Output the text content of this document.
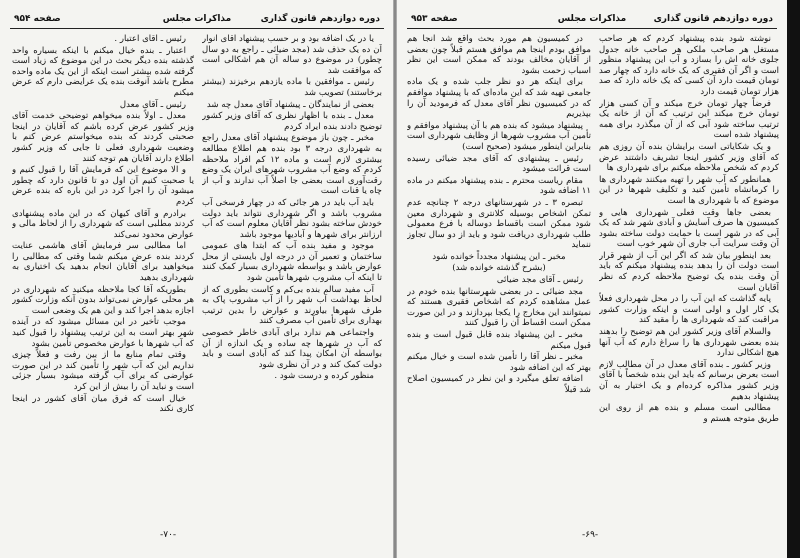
دوره دوازدهم قانون گذاری
مذاکرات مجلس
صفحه ۹۵۴

یا در یک اضافه بود و بر حسب پیشنهاد آقای انوار آن ده یک حذف شد (مجد ضیائی ـ راجع به دو سال چطور) در موضوع دو ساله آن هم اشکالی است که موافقت شد

رئیس ـ موافقین با ماده یازدهم برخیزند (بیشتر برخاستند) تصویب شد

بعضی از نمایندگان ـ پیشنهاد آقای معدل چه شد

معدل ـ بنده با اظهار نظری که آقای وزیر کشور توضیح دادند بنده ایراد کردم

مخبر ـ چون باز موضوع پیشنهاد آقای معدل راجع به شهرداری درجه ۳ بود بنده هم اطلاع مطالعه بیشتری لازم است و ماده ۱۲ کم افراد ملاحظه کردم که وضع آب مشروب شهرهای ایران یک وضع رقت‌آوری است بعضی جا اصلاً آب ندارند و آب از چاه یا قنات است

باید آب باید در هر جائی که در چهار فرسخی آب مشروب باشد و اگر شهرداری نتواند باید دولت خودش ساخته بشود نظر آقایان معلوم است که آب ارزانتر برای شهرها و آبادیها موجود باشد

موجود و مفید بنده آب که ابتدا های عمومی ساختمان و تعمیر آن در درجه اول بایستی از محل عوارض باشد و بواسطه شهرداری بسیار کمک کنند تا اینکه آب مشروب شهرها تأمین شود

آب مفید سالم بنده بی‌کم و کاست بطوری که از لحاظ بهداشت آب شهر را از آب مشروب پاک به طرف شهرها بیاورند و عوارض را بدین ترتیب بهداری برای تأمین آب مصرف کنند

واجتماعی هم ندارد برای آبادی خاطر خصوصی که آب در شهرها چه ساده و یک اندازه از آن بواسطه آن امکان پیدا کند که آبادی است و باید دولت کمک کند و در آن نظری شود

منظور کرده و درست شود .

رئیس ـ آقای اعتبار .

اعتبار ـ بنده خیال میکنم با اینکه بسیاره واحد گذشته بنده دیگر بحث در این موضوع که زیاد است گرفته شده بیشتر است اینکه از این یک ماده واحده مطرح باشد آنوقت بنده یک عرایضی دارم که عرض میکنم

رئیس ـ آقای معدل

معدل ـ اولاً بنده میخواهم توضیحی خدمت آقای وزیر کشور عرض کرده باشم که آقایان در اینجا صحبتی کردند که بنده میخواستم عرض کنم با وضعیت شهرداری فعلی تا جایی که وزیر کشور اطلاع دارند آقایان هم توجه کنند

و الا موضوع این که فرمایش آقا را قبول کنیم و یا صحبت کنیم آن اول دو تا قانون دارد که چطور میشود آن را اجرا کرد در این باره که بنده عرض کردم

برادرم و آقای کیهان که در این ماده پیشنهادی کردند مطلبی است که شهرداری را از لحاظ مالی و عوارض محدود نمی‌کند

اما مطالبی سر فرمایش آقای هاشمی عنایت کردند بنده عرض میکنم شما وقتی که مطالبی را میخواهید برای آقایان انجام بدهید یک اختیاری به شهرداری بدهید

بطوریکه آقا کجا ملاحظه میکنید که شهرداری در هر محلی عوارض نمی‌تواند بدون آنکه وزارت کشور اجازه بدهد اجرا کند و این هم یک وضعی است

موجب تأخیر در این مسائل میشود که در آینده شهر بهتر است به این ترتیب پیشنهاد را قبول کنید که آب شهرها با عوارض مخصوص تأمین بشود

وقتی تمام منابع ما از بین رفت و فعلاً چیزی نداریم این که آب شهر را تأمین کند در این صورت عوارضی که برای آب گرفته میشود بسیار جزئی است و نباید آن را بیش از این کرد

خیال است که فرق میان آقای کشور در اینجا کاری نکند

-۷۰-
دوره دوازدهم قانون گذاری
مذاکرات مجلس
صفحه ۹۵۳

نوشته شود بنده پیشنهاد کردم که هر صاحب مستغل هر صاحب ملکی هر صاحب خانه جدول جلوی خانه اش را بسازد و آب این پیشنهاد منظور است و اگر آن فقیری که یک خانه دارد که چهار صد تومان قیمت دارد آن کسی که یک خانه دارد که صد هزار تومان قیمت دارد

فرضاً چهار تومان خرج میکند و آن کسی هزار تومان خرج میکند این ترتیب که آن از خانه یک ترتیب ساخته شود آبی که از آن میگذرد برای همه پیشنهاد شده است

و یک شکایاتی است برایشان بنده آن روزی هم که آقای وزیر کشور اینجا تشریف داشتند عرض کردم که شخص ملاحظه میکنم برای شهرداری ها

همانطور که آب شهر را تهیه میکنند شهرداری ها را کرمانشاه تأمین کنید و تکلیف شهرها در این موضوع که با شهرداری ها است

بعضی جاها وقت فعلی شهرداری هایی و کمیسیون ها صرف آسایش و آبادی شهر شد که یک آبی که در شهر است با حمایت دولت ساخته بشود آن وقت سرایت آب جاری آن شهر خوب است

بعد اینطور بیان شد که اگر این آب از شهر قرار است دولت آن را بدهد بنده پیشنهاد میکنم که باید آن وقت بنده یک توضیح ملاحظه کردم که نظر آقایان است

پایه گذاشت که این آب را در محل شهرداری فعلاً یک کار اول و اولی است و اینکه وزارت کشور مراقبت کند که شهرداری ها را مقید کند

والسلام آقای وزیر کشور این هم توضیح را بدهند بنده بعضی شهرداری ها را سراغ دارم که آب آنها هیچ اشکالی ندارد

وزیر کشور ـ بنده آقای معدل در آن مطالب لازم است بعرض برسانم که باید این بنده شخصاً با آقای وزیر کشور مذاکره کرده‌ام و یک اختیار به آن پیشنهاد بدهیم

مطالبی است مسلم و بنده هم از روی این طریق متوجه هستم و

در کمیسیون هم مورد بحث واقع شد آنجا هم موافق بودم اینجا هم موافق هستم قبلاً چون بعضی از آقایان مخالف بودند که ممکن است این نظر اسباب زحمت بشود

برای اینکه هر دو نظر جلب شده و یک ماده جامعی تهیه شد که این ماده‌ای که با پیشنهاد موافقم که در کمیسیون نظر آقای معدل که فرمودید آن را بپذیریم

پیشنهاد میشود که بنده هم با آن پیشنهاد موافقم و تأمین آب مشروب شهرها از وظایف شهرداری است بنابراین اینطور میشود (صحیح است)

رئیس ـ پیشنهادی که آقای مجد ضیائی رسیده است قرائت میشود

مقام ریاست محترم ـ بنده پیشنهاد میکنم در ماده ۱۱ اضافه شود

تبصره ۳ ـ در شهرستانهای درجه ۲ چنانچه عدم تمکن اشخاص بوسیله کلانتری و شهرداری معین شود ممکن است باقساط دوساله با فرع معمولی طلب شهرداری دریافت شود و باید از دو سال تجاوز ننماید

مخبر ـ این پیشنهاد مجدداً خوانده شود

(بشرح گذشته خوانده شد)

رئیس ـ آقای مجد ضیائی

مجد ضیائی ـ در بعضی شهرستانها بنده خودم در عمل مشاهده کردم که اشخاص فقیری هستند که نمیتوانند این مخارج را یکجا بپردازند و در این صورت ممکن است اقساط آن را قبول کنند

مخبر ـ این پیشنهاد بنده قابل قبول است و بنده قبول میکنم

مخبر ـ نظر آقا را تأمین شده است و خیال میکنم بهتر که این اضافه شود

اضافه تعلق میگیرد و این نظر در کمیسیون اصلاح شد قبلاً

-۶۹-
